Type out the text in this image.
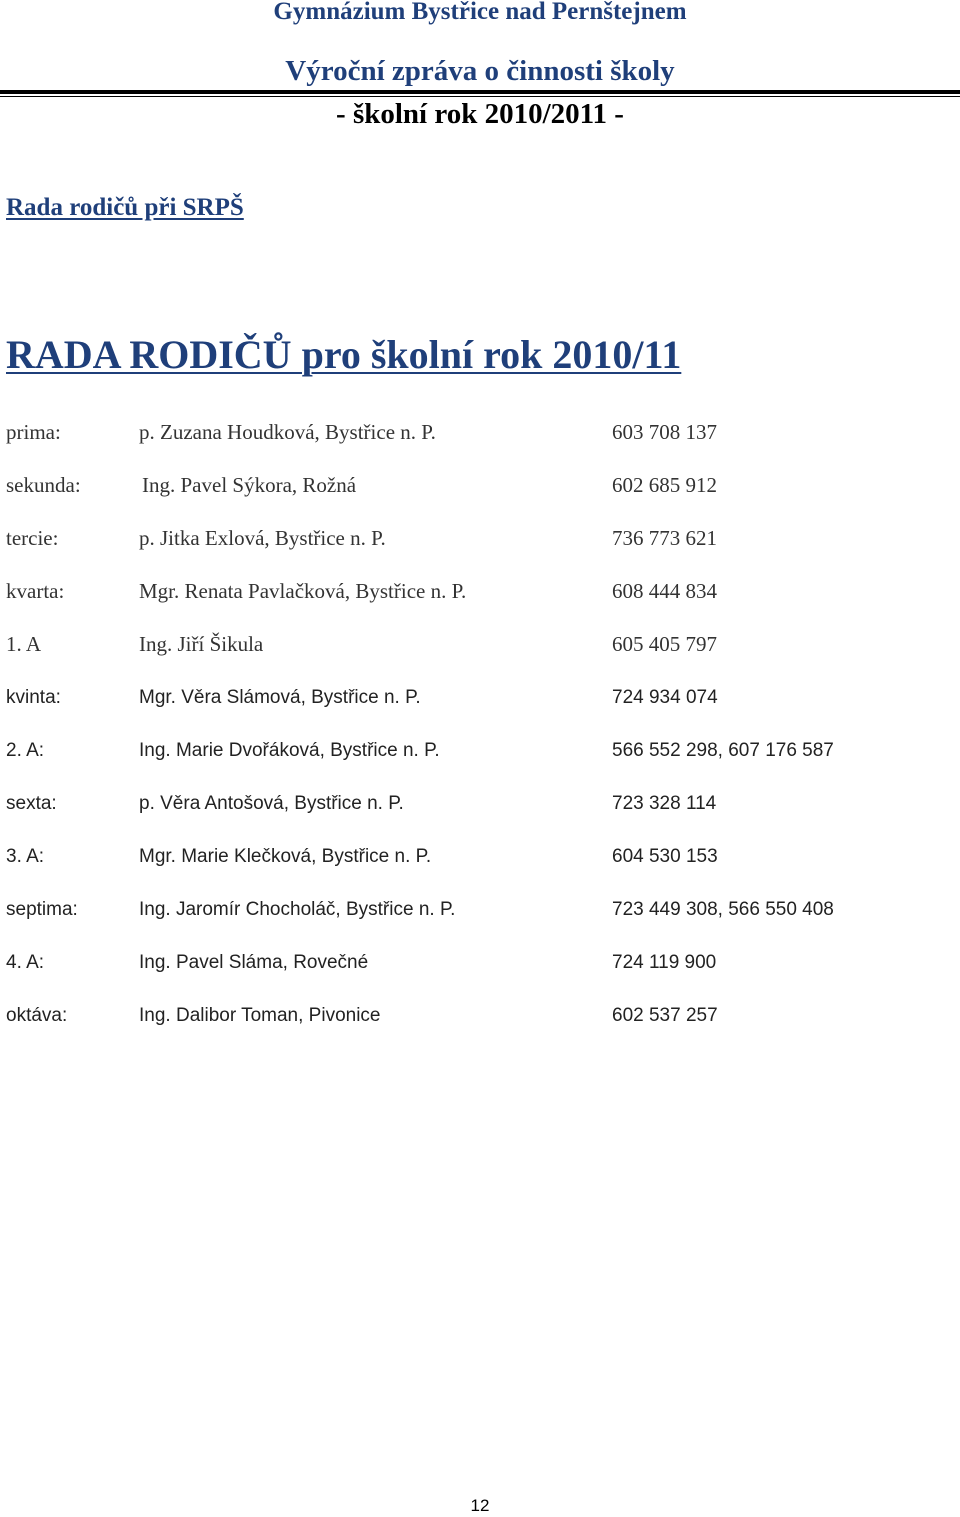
Gymnázium Bystřice nad Pernštejnem
Výroční zpráva o činnosti školy
- školní rok 2010/2011 -
Rada rodičů při SRPŠ
RADA RODIČŮ pro školní rok 2010/11
prima:	p. Zuzana Houdková, Bystřice n. P.	603 708 137
sekunda:	Ing. Pavel Sýkora, Rožná	602 685 912
tercie:	p. Jitka Exlová, Bystřice n. P.	736 773 621
kvarta:	Mgr. Renata Pavlačková, Bystřice n. P.	608 444 834
1. A	Ing. Jiří Šikula	605 405 797
kvinta:	Mgr. Věra Slámová, Bystřice n. P.	724 934 074
2. A:	Ing. Marie Dvořáková, Bystřice n. P.	566 552 298, 607 176 587
sexta:	p. Věra Antošová, Bystřice n. P.	723 328 114
3. A:	Mgr. Marie Klečková, Bystřice n. P.	604 530 153
septima:	Ing. Jaromír Chocholáč, Bystřice n. P.	723 449 308, 566 550 408
4. A:	Ing. Pavel Sláma, Rovečné	724 119 900
oktáva:	Ing. Dalibor Toman, Pivonice	602 537 257
12
